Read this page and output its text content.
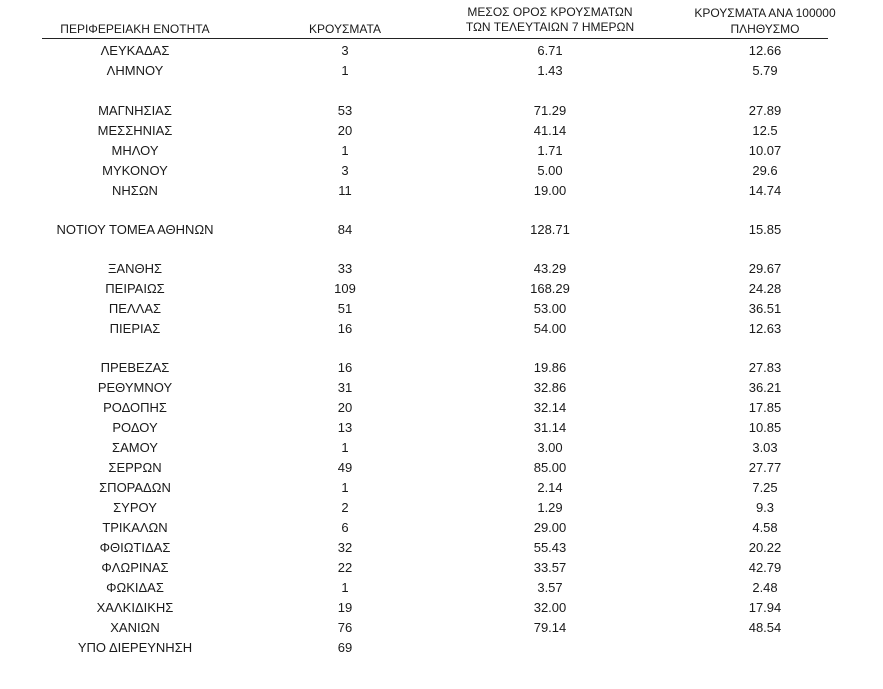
ΠΕΡΙΦΕΡΕΙΑΚΗ ΕΝΟΤΗΤΑ	ΚΡΟΥΣΜΑΤΑ
ΜΕΣΟΣ ΟΡΟΣ ΚΡΟΥΣΜΑΤΩΝ
ΤΩΝ ΤΕΛΕΥΤΑΙΩΝ 7 ΗΜΕΡΩΝ
ΚΡΟΥΣΜΑΤΑ ΑΝΑ 100000
ΠΛΗΘΥΣΜΟ
ΛΕΥΚΑΔΑΣ	3	6.71	12.66
ΛΗΜΝΟΥ	1	1.43	5.79
ΜΑΓΝΗΣΙΑΣ	53	71.29	27.89
ΜΕΣΣΗΝΙΑΣ	20	41.14	12.5
ΜΗΛΟΥ	1	1.71	10.07
ΜΥΚΟΝΟΥ	3	5.00	29.6
ΝΗΣΩΝ	11	19.00	14.74
ΝΟΤΙΟΥ ΤΟΜΕΑ ΑΘΗΝΩΝ	84	128.71	15.85
ΞΑΝΘΗΣ	33	43.29	29.67
ΠΕΙΡΑΙΩΣ	109	168.29	24.28
ΠΕΛΛΑΣ	51	53.00	36.51
ΠΙΕΡΙΑΣ	16	54.00	12.63
ΠΡΕΒΕΖΑΣ	16	19.86	27.83
ΡΕΘΥΜΝΟΥ	31	32.86	36.21
ΡΟΔΟΠΗΣ	20	32.14	17.85
ΡΟΔΟΥ	13	31.14	10.85
ΣΑΜΟΥ	1	3.00	3.03
ΣΕΡΡΩΝ	49	85.00	27.77
ΣΠΟΡΑΔΩΝ	1	2.14	7.25
ΣΥΡΟΥ	2	1.29	9.3
ΤΡΙΚΑΛΩΝ	6	29.00	4.58
ΦΘΙΩΤΙΔΑΣ	32	55.43	20.22
ΦΛΩΡΙΝΑΣ	22	33.57	42.79
ΦΩΚΙΔΑΣ	1	3.57	2.48
ΧΑΛΚΙΔΙΚΗΣ	19	32.00	17.94
ΧΑΝΙΩΝ	76	79.14	48.54
ΥΠΟ ΔΙΕΡΕΥΝΗΣΗ	69
